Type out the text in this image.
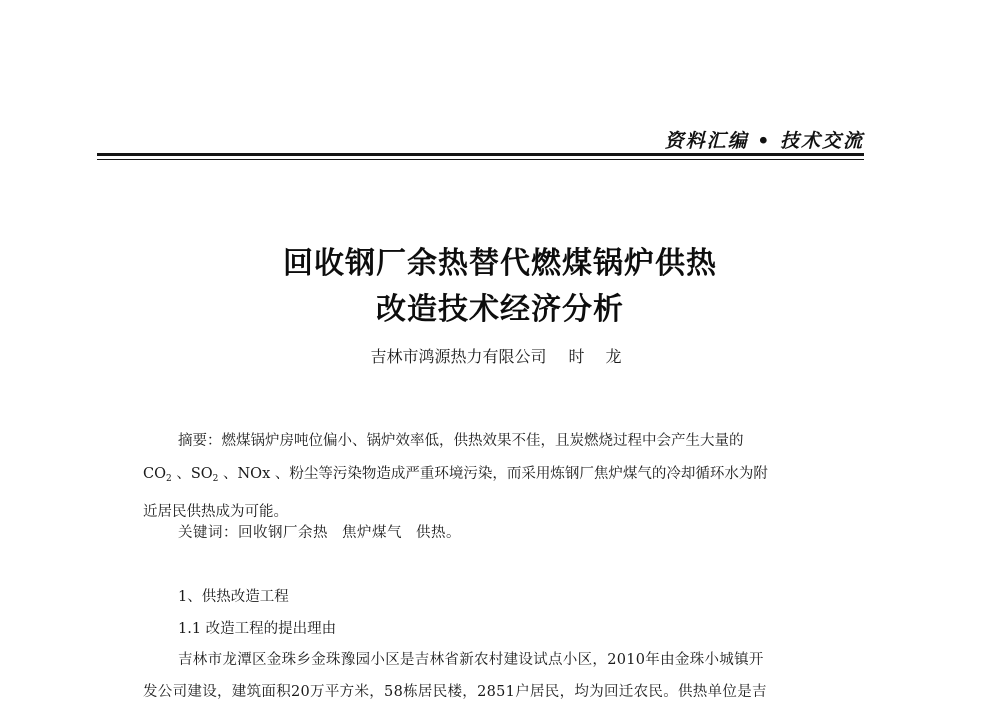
资料汇编 • 技术交流
回收钢厂余热替代燃煤锅炉供热
改造技术经济分析
吉林市鸿源热力有限公司 时 龙
摘要：燃煤锅炉房吨位偏小、锅炉效率低，供热效果不佳，且炭燃烧过程中会产生大量的
$CO_2$ 、$SO_2$ 、NOx 、粉尘等污染物造成严重环境污染，而采用炼钢厂焦炉煤气的冷却循环水为附
近居民供热成为可能。
关键词：回收钢厂余热 焦炉煤气 供热。
1、供热改造工程
1.1 改造工程的提出理由
吉林市龙潭区金珠乡金珠豫园小区是吉林省新农村建设试点小区，2010年由金珠小城镇开
发公司建设，建筑面积20万平方米，58栋居民楼，2851户居民，均为回迁农民。供热单位是吉
